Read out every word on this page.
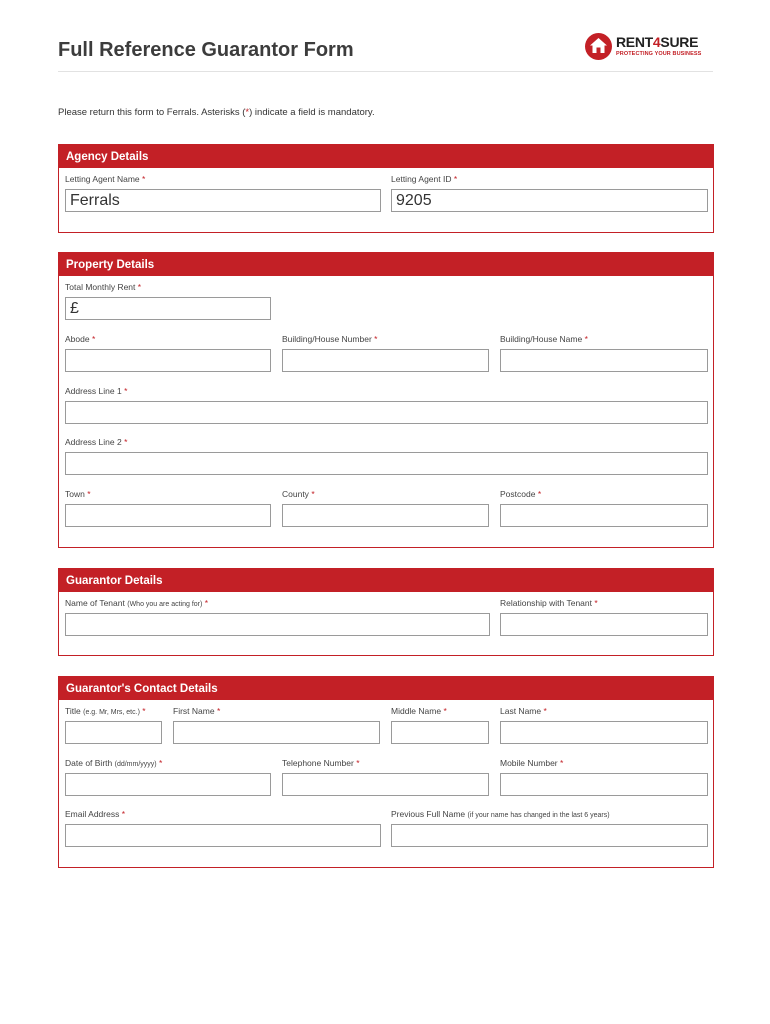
Full Reference Guarantor Form	RENT4SURE
PROTECTING YOUR BUSINESS
Please return this form to Ferrals. Asterisks (*) indicate a field is mandatory.
Agency Details
Letting Agent Name *
Ferrals
Letting Agent ID *
9205
Property Details
Total Monthly Rent *
£
Abode *	Building/House Number *	Building/House Name *
Address Line 1 *
Address Line 2 *
Town *	County *	Postcode *
Guarantor Details
Name of Tenant (Who you are acting for) *	Relationship with Tenant *
Guarantor's Contact Details
Title (e.g. Mr, Mrs, etc.) *	First Name *	Middle Name *	Last Name *
Date of Birth (dd/mm/yyyy) *	Telephone Number *	Mobile Number *
Email Address *	Previous Full Name (if your name has changed in the last 6 years)
